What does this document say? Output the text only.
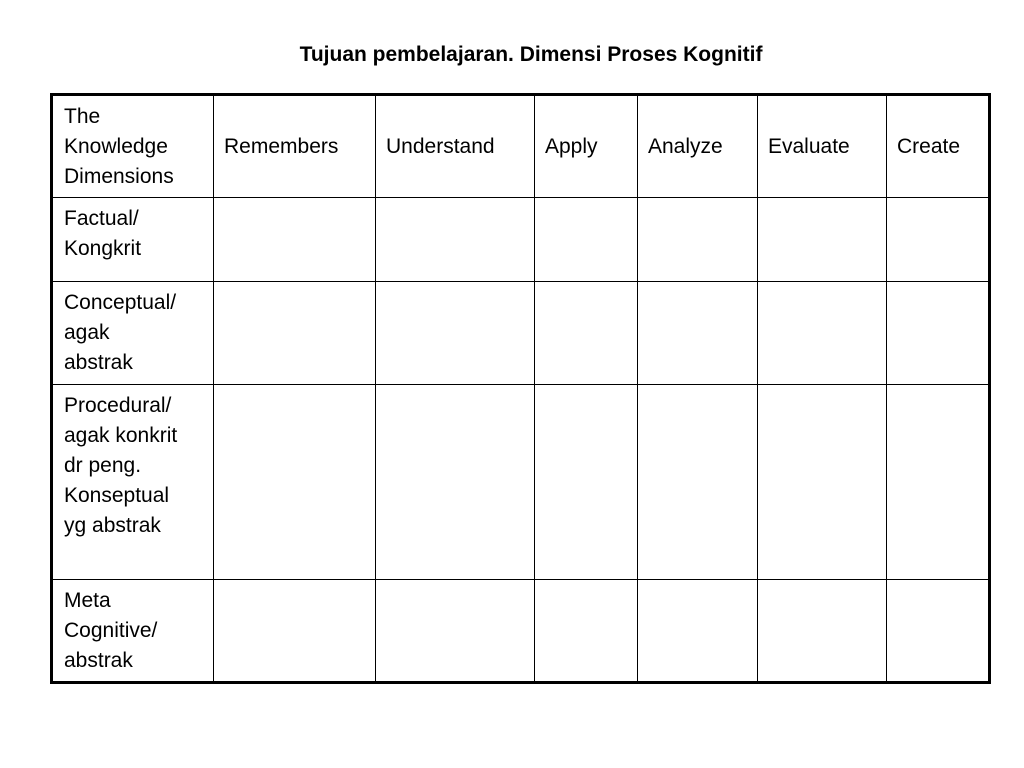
Tujuan pembelajaran. Dimensi Proses Kognitif
The
Knowledge
Dimensions	Remembers	Understand	Apply	Analyze	Evaluate	Create

Factual/
Kongkrit						

Conceptual/
agak
abstrak						

Procedural/
agak konkrit
dr peng.
Konseptual
yg abstrak						

Meta
Cognitive/
abstrak						
